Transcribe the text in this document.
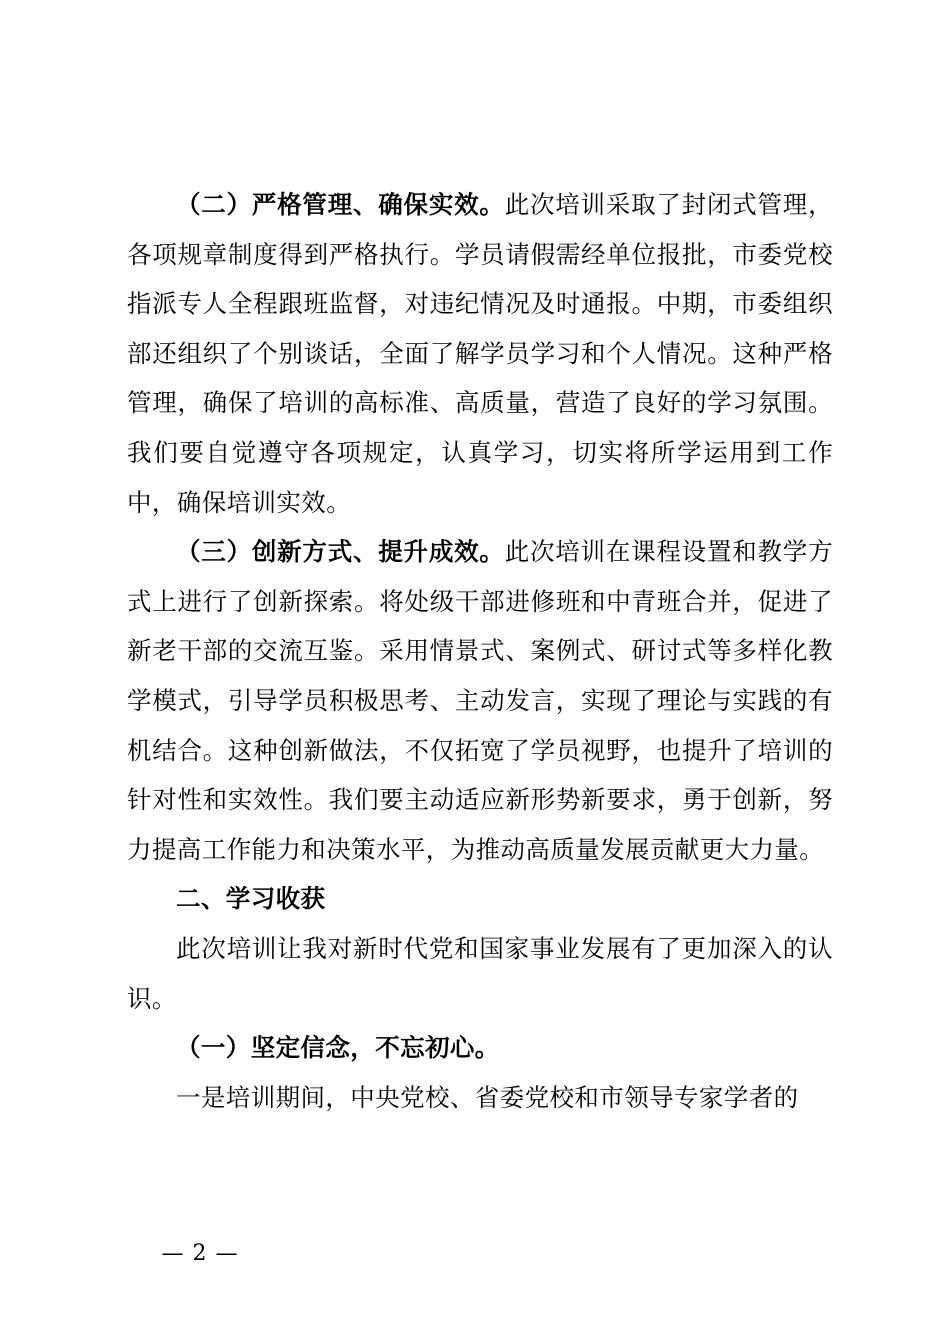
（二）严格管理、确保实效。此次培训采取了封闭式管理，各项规章制度得到严格执行。学员请假需经单位报批，市委党校指派专人全程跟班监督，对违纪情况及时通报。中期，市委组织部还组织了个别谈话，全面了解学员学习和个人情况。这种严格管理，确保了培训的高标准、高质量，营造了良好的学习氛围。我们要自觉遵守各项规定，认真学习，切实将所学运用到工作中，确保培训实效。

（三）创新方式、提升成效。此次培训在课程设置和教学方式上进行了创新探索。将处级干部进修班和中青班合并，促进了新老干部的交流互鉴。采用情景式、案例式、研讨式等多样化教学模式，引导学员积极思考、主动发言，实现了理论与实践的有机结合。这种创新做法，不仅拓宽了学员视野，也提升了培训的针对性和实效性。我们要主动适应新形势新要求，勇于创新，努力提高工作能力和决策水平，为推动高质量发展贡献更大力量。

二、学习收获

此次培训让我对新时代党和国家事业发展有了更加深入的认识。

（一）坚定信念，不忘初心。

一是培训期间，中央党校、省委党校和市领导专家学者的

— 2 —
